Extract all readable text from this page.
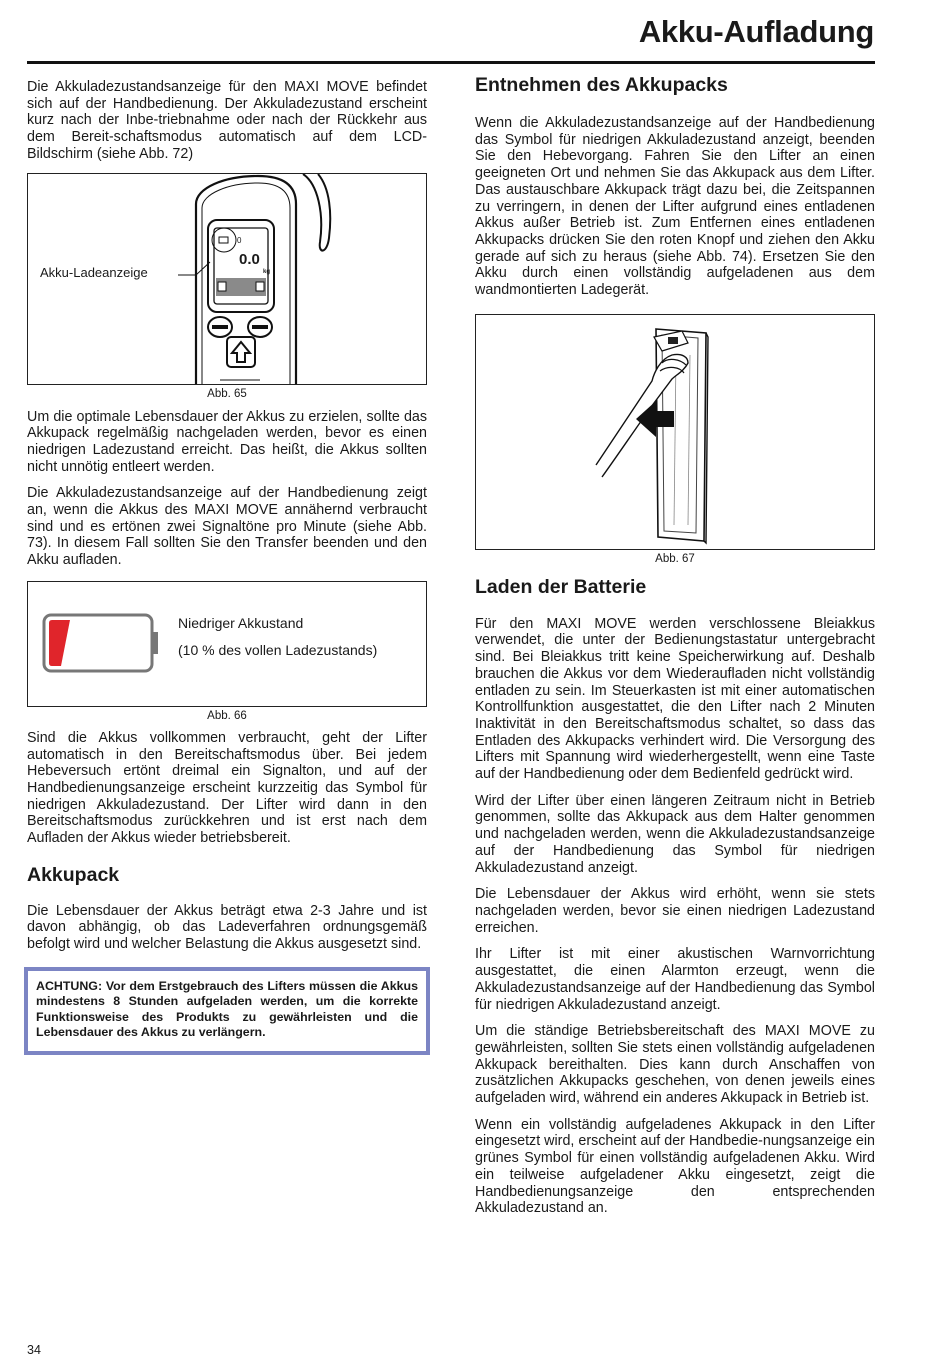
Akku-Aufladung

Die Akkuladezustandsanzeige für den MAXI MOVE befindet sich auf der Handbedienung. Der Akkuladezustand erscheint kurz nach der Inbe-triebnahme oder nach der Rückkehr aus dem Bereit-schaftsmodus automatisch auf dem LCD-Bildschirm (siehe Abb. 72)

Akku-Ladeanzeige
0
0.0
kg
Abb. 65

Um die optimale Lebensdauer der Akkus zu erzielen, sollte das Akkupack regelmäßig nachgeladen werden, bevor es einen niedrigen Ladezustand erreicht. Das heißt, die Akkus sollten nicht unnötig entleert werden.

Die Akkuladezustandsanzeige auf der Handbedienung zeigt an, wenn die Akkus des MAXI MOVE annähernd verbraucht sind und es ertönen zwei Signaltöne pro Minute (siehe Abb. 73). In diesem Fall sollten Sie den Transfer beenden und den Akku aufladen.

Niedriger Akkustand
(10 % des vollen Ladezustands)
Abb. 66

Sind die Akkus vollkommen verbraucht, geht der Lifter automatisch in den Bereitschaftsmodus über. Bei jedem Hebeversuch ertönt dreimal ein Signalton, und auf der Handbedienungsanzeige erscheint kurzzeitig das Symbol für niedrigen Akkuladezustand. Der Lifter wird dann in den Bereitschaftsmodus zurückkehren und ist erst nach dem Aufladen der Akkus wieder betriebsbereit.

Akkupack

Die Lebensdauer der Akkus beträgt etwa 2-3 Jahre und ist davon abhängig, ob das Ladeverfahren ordnungsgemäß befolgt wird und welcher Belastung die Akkus ausgesetzt sind.

ACHTUNG: Vor dem Erstgebrauch des Lifters müssen die Akkus mindestens 8 Stunden aufgeladen werden, um die korrekte Funktionsweise des Produkts zu gewährleisten und die Lebensdauer des Akkus zu verlängern.

Entnehmen des Akkupacks

Wenn die Akkuladezustandsanzeige auf der Handbedienung das Symbol für niedrigen Akkuladezustand anzeigt, beenden Sie den Hebevorgang. Fahren Sie den Lifter an einen geeigneten Ort und nehmen Sie das Akkupack aus dem Lifter. Das austauschbare Akkupack trägt dazu bei, die Zeitspannen zu verringern, in denen der Lifter aufgrund eines entladenen Akkus außer Betrieb ist. Zum Entfernen eines entladenen Akkupacks drücken Sie den roten Knopf und ziehen den Akku gerade auf sich zu heraus (siehe Abb. 74). Ersetzen Sie den Akku durch einen vollständig aufgeladenen aus dem wandmontierten Ladegerät.

Abb. 67
Laden der Batterie

Für den MAXI MOVE werden verschlossene Bleiakkus verwendet, die unter der Bedienungstastatur untergebracht sind. Bei Bleiakkus tritt keine Speicherwirkung auf. Deshalb brauchen die Akkus vor dem Wiederaufladen nicht vollständig entladen zu sein. Im Steuerkasten ist mit einer automatischen Kontrollfunktion ausgestattet, die den Lifter nach 2 Minuten Inaktivität in den Bereitschaftsmodus schaltet, so dass das Entladen des Akkupacks verhindert wird. Die Versorgung des Lifters mit Spannung wird wiederhergestellt, wenn eine Taste auf der Handbedienung oder dem Bedienfeld gedrückt wird.

Wird der Lifter über einen längeren Zeitraum nicht in Betrieb genommen, sollte das Akkupack aus dem Halter genommen und nachgeladen werden, wenn die Akkuladezustandsanzeige auf der Handbedienung das Symbol für niedrigen Akkuladezustand anzeigt.

Die Lebensdauer der Akkus wird erhöht, wenn sie stets nachgeladen werden, bevor sie einen niedrigen Ladezustand erreichen.

Ihr Lifter ist mit einer akustischen Warnvorrichtung ausgestattet, die einen Alarmton erzeugt, wenn die Akkuladezustandsanzeige auf der Handbedienung das Symbol für niedrigen Akkuladezustand anzeigt.

Um die ständige Betriebsbereitschaft des MAXI MOVE zu gewährleisten, sollten Sie stets einen vollständig aufgeladenen Akkupack bereithalten. Dies kann durch Anschaffen von zusätzlichen Akkupacks geschehen, von denen jeweils eines aufgeladen wird, während ein anderes Akkupack in Betrieb ist.

Wenn ein vollständig aufgeladenes Akkupack in den Lifter eingesetzt wird, erscheint auf der Handbedie-nungsanzeige ein grünes Symbol für einen vollständig aufgeladenen Akku. Wird ein teilweise aufgeladener Akku eingesetzt, zeigt die Handbedienungsanzeige den entsprechenden Akkuladezustand an.

34
